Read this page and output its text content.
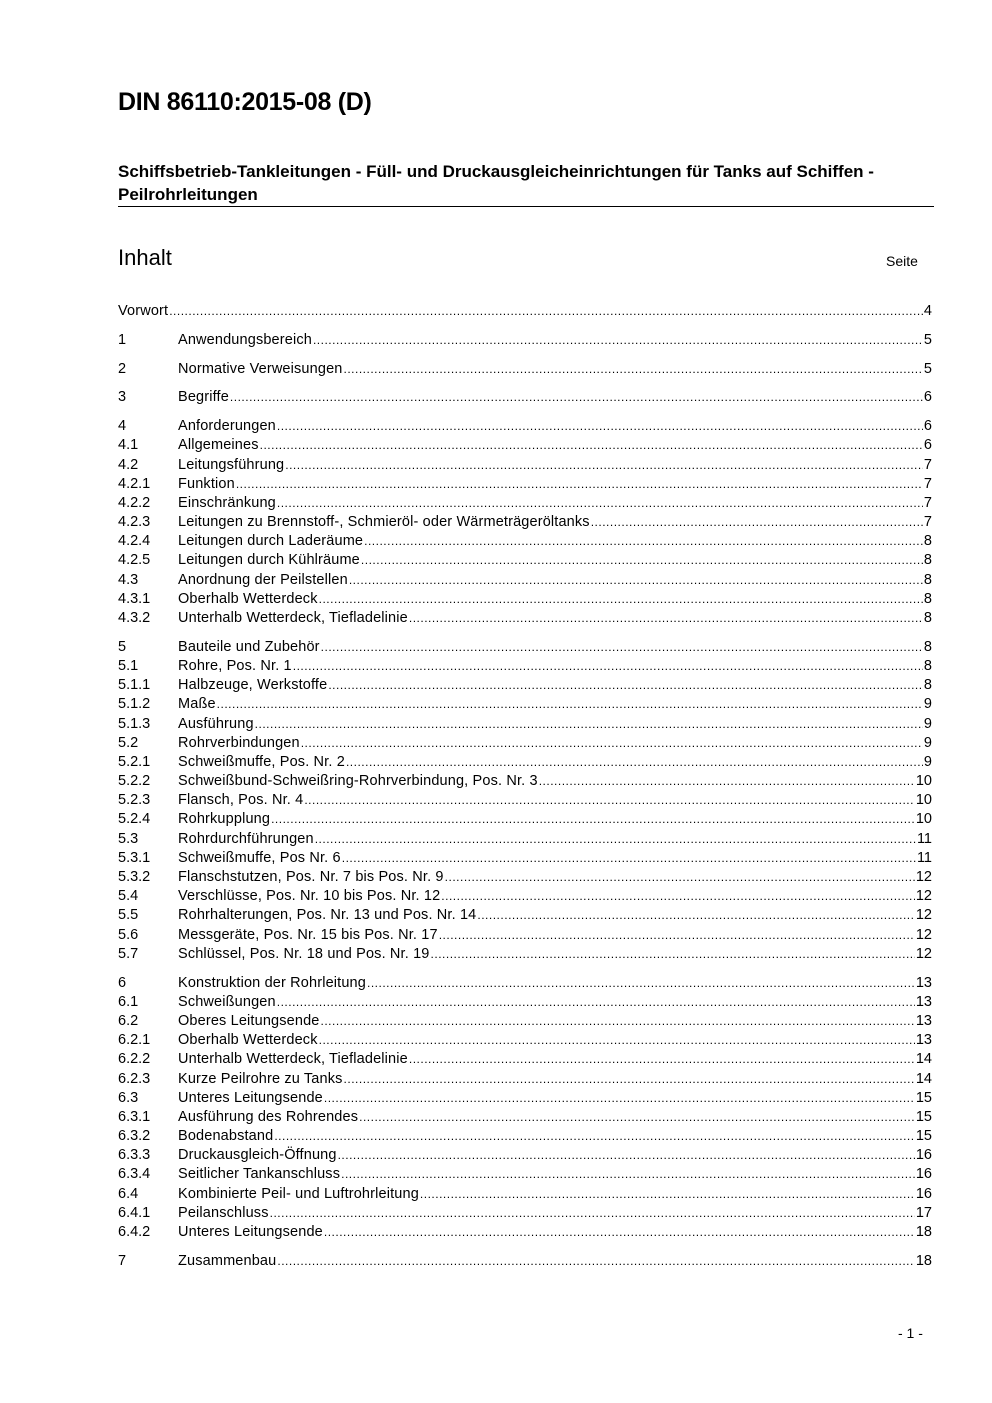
DIN 86110:2015-08 (D)
Schiffsbetrieb-Tankleitungen - Füll- und Druckausgleicheinrichtungen für Tanks auf Schiffen - Peilrohrleitungen
Inhalt	Seite
Vorwort .....	4
1	Anwendungsbereich .....	5
2	Normative Verweisungen .....	5
3	Begriffe .....	6
4	Anforderungen .....	6
4.1	Allgemeines .....	6
4.2	Leitungsführung .....	7
4.2.1	Funktion .....	7
4.2.2	Einschränkung .....	7
4.2.3	Leitungen zu Brennstoff-, Schmieröl- oder Wärmeträgeröltanks .....	7
4.2.4	Leitungen durch Laderäume .....	8
4.2.5	Leitungen durch Kühlräume .....	8
4.3	Anordnung der Peilstellen .....	8
4.3.1	Oberhalb Wetterdeck .....	8
4.3.2	Unterhalb Wetterdeck, Tiefladelinie .....	8
5	Bauteile und Zubehör .....	8
5.1	Rohre, Pos. Nr. 1 .....	8
5.1.1	Halbzeuge, Werkstoffe .....	8
5.1.2	Maße .....	9
5.1.3	Ausführung .....	9
5.2	Rohrverbindungen .....	9
5.2.1	Schweißmuffe, Pos. Nr. 2 .....	9
5.2.2	Schweißbund-Schweißring-Rohrverbindung, Pos. Nr. 3 .....	10
5.2.3	Flansch, Pos. Nr. 4 .....	10
5.2.4	Rohrkupplung .....	10
5.3	Rohrdurchführungen .....	11
5.3.1	Schweißmuffe, Pos Nr. 6 .....	11
5.3.2	Flanschstutzen, Pos. Nr. 7 bis Pos. Nr. 9 .....	12
5.4	Verschlüsse, Pos. Nr. 10 bis Pos. Nr. 12 .....	12
5.5	Rohrhalterungen, Pos. Nr. 13 und Pos. Nr. 14 .....	12
5.6	Messgeräte, Pos. Nr. 15 bis Pos. Nr. 17 .....	12
5.7	Schlüssel, Pos. Nr. 18 und Pos. Nr. 19 .....	12
6	Konstruktion der Rohrleitung .....	13
6.1	Schweißungen .....	13
6.2	Oberes Leitungsende .....	13
6.2.1	Oberhalb Wetterdeck .....	13
6.2.2	Unterhalb Wetterdeck, Tiefladelinie .....	14
6.2.3	Kurze Peilrohre zu Tanks .....	14
6.3	Unteres Leitungsende .....	15
6.3.1	Ausführung des Rohrendes .....	15
6.3.2	Bodenabstand .....	15
6.3.3	Druckausgleich-Öffnung .....	16
6.3.4	Seitlicher Tankanschluss .....	16
6.4	Kombinierte Peil- und Luftrohrleitung .....	16
6.4.1	Peilanschluss .....	17
6.4.2	Unteres Leitungsende .....	18
7	Zusammenbau .....	18
- 1 -
